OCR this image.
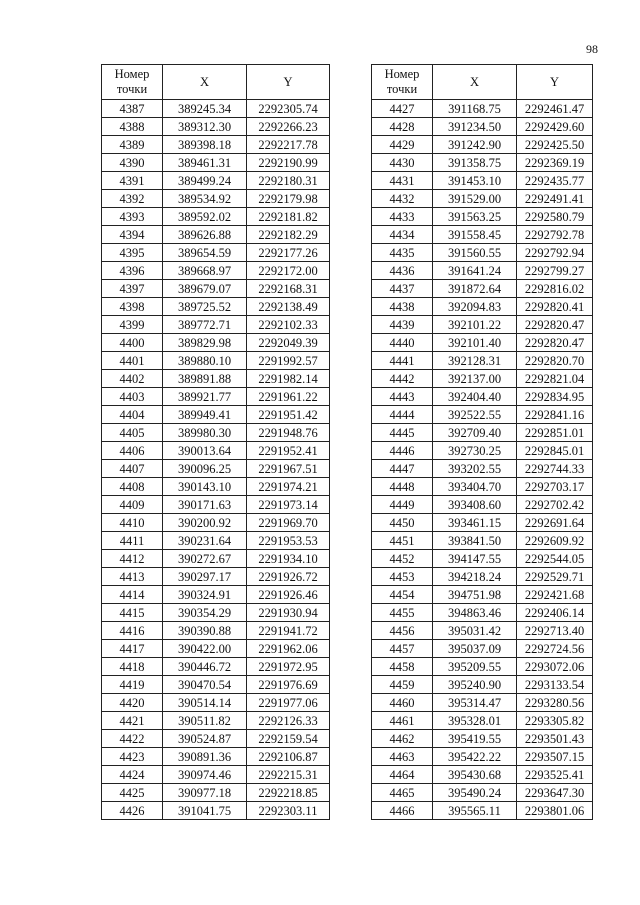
98
Номер точки	X	Y
4387	389245.34	2292305.74
4388	389312.30	2292266.23
4389	389398.18	2292217.78
4390	389461.31	2292190.99
4391	389499.24	2292180.31
4392	389534.92	2292179.98
4393	389592.02	2292181.82
4394	389626.88	2292182.29
4395	389654.59	2292177.26
4396	389668.97	2292172.00
4397	389679.07	2292168.31
4398	389725.52	2292138.49
4399	389772.71	2292102.33
4400	389829.98	2292049.39
4401	389880.10	2291992.57
4402	389891.88	2291982.14
4403	389921.77	2291961.22
4404	389949.41	2291951.42
4405	389980.30	2291948.76
4406	390013.64	2291952.41
4407	390096.25	2291967.51
4408	390143.10	2291974.21
4409	390171.63	2291973.14
4410	390200.92	2291969.70
4411	390231.64	2291953.53
4412	390272.67	2291934.10
4413	390297.17	2291926.72
4414	390324.91	2291926.46
4415	390354.29	2291930.94
4416	390390.88	2291941.72
4417	390422.00	2291962.06
4418	390446.72	2291972.95
4419	390470.54	2291976.69
4420	390514.14	2291977.06
4421	390511.82	2292126.33
4422	390524.87	2292159.54
4423	390891.36	2292106.87
4424	390974.46	2292215.31
4425	390977.18	2292218.85
4426	391041.75	2292303.11
Номер точки	X	Y
4427	391168.75	2292461.47
4428	391234.50	2292429.60
4429	391242.90	2292425.50
4430	391358.75	2292369.19
4431	391453.10	2292435.77
4432	391529.00	2292491.41
4433	391563.25	2292580.79
4434	391558.45	2292792.78
4435	391560.55	2292792.94
4436	391641.24	2292799.27
4437	391872.64	2292816.02
4438	392094.83	2292820.41
4439	392101.22	2292820.47
4440	392101.40	2292820.47
4441	392128.31	2292820.70
4442	392137.00	2292821.04
4443	392404.40	2292834.95
4444	392522.55	2292841.16
4445	392709.40	2292851.01
4446	392730.25	2292845.01
4447	393202.55	2292744.33
4448	393404.70	2292703.17
4449	393408.60	2292702.42
4450	393461.15	2292691.64
4451	393841.50	2292609.92
4452	394147.55	2292544.05
4453	394218.24	2292529.71
4454	394751.98	2292421.68
4455	394863.46	2292406.14
4456	395031.42	2292713.40
4457	395037.09	2292724.56
4458	395209.55	2293072.06
4459	395240.90	2293133.54
4460	395314.47	2293280.56
4461	395328.01	2293305.82
4462	395419.55	2293501.43
4463	395422.22	2293507.15
4464	395430.68	2293525.41
4465	395490.24	2293647.30
4466	395565.11	2293801.06
